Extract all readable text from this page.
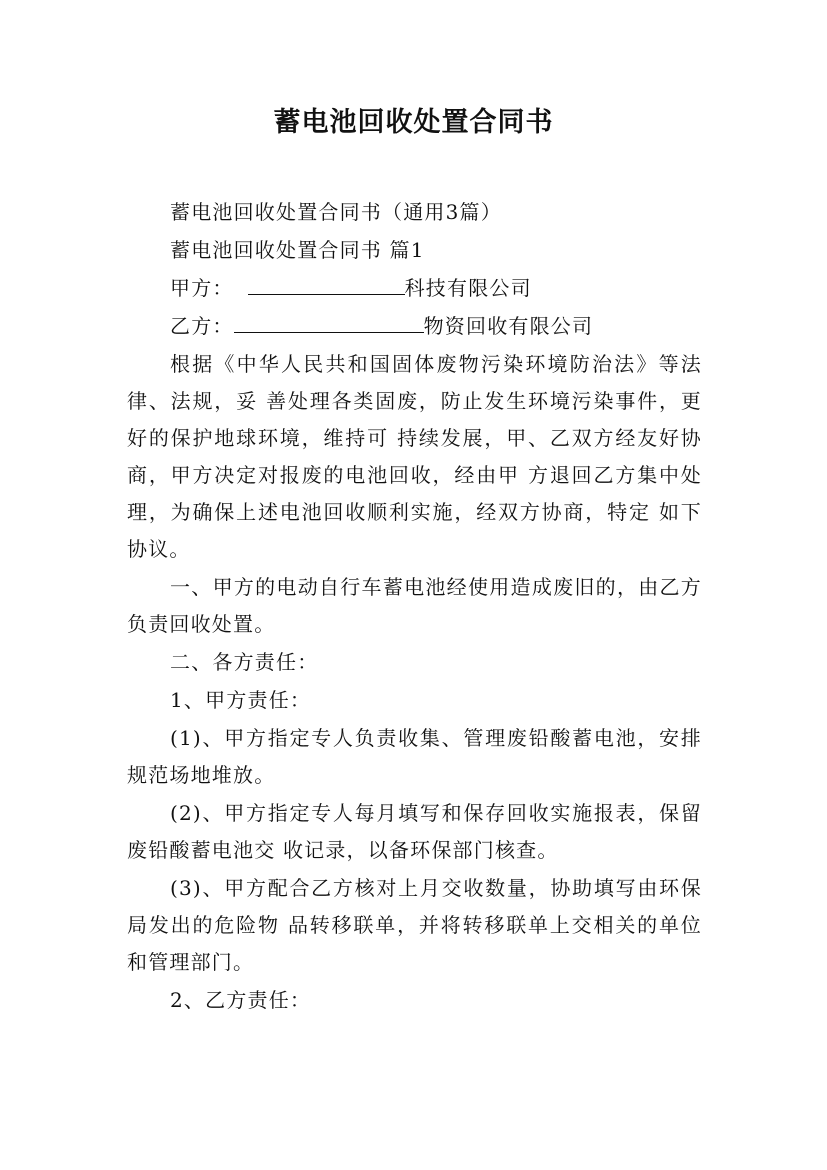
蓄电池回收处置合同书
蓄电池回收处置合同书（通用3篇）
蓄电池回收处置合同书 篇1
甲方：	科技有限公司
乙方：	物资回收有限公司

根据《中华人民共和国固体废物污染环境防治法》等法律、法规，妥 善处理各类固废，防止发生环境污染事件，更好的保护地球环境，维持可 持续发展，甲、乙双方经友好协商，甲方决定对报废的电池回收，经由甲 方退回乙方集中处理，为确保上述电池回收顺利实施，经双方协商，特定 如下协议。

一、甲方的电动自行车蓄电池经使用造成废旧的，由乙方负责回收处置。

二、各方责任：

1、甲方责任：

(1)、甲方指定专人负责收集、管理废铅酸蓄电池，安排规范场地堆放。

(2)、甲方指定专人每月填写和保存回收实施报表，保留废铅酸蓄电池交 收记录，以备环保部门核查。

(3)、甲方配合乙方核对上月交收数量，协助填写由环保局发出的危险物 品转移联单，并将转移联单上交相关的单位和管理部门。

2、乙方责任：
